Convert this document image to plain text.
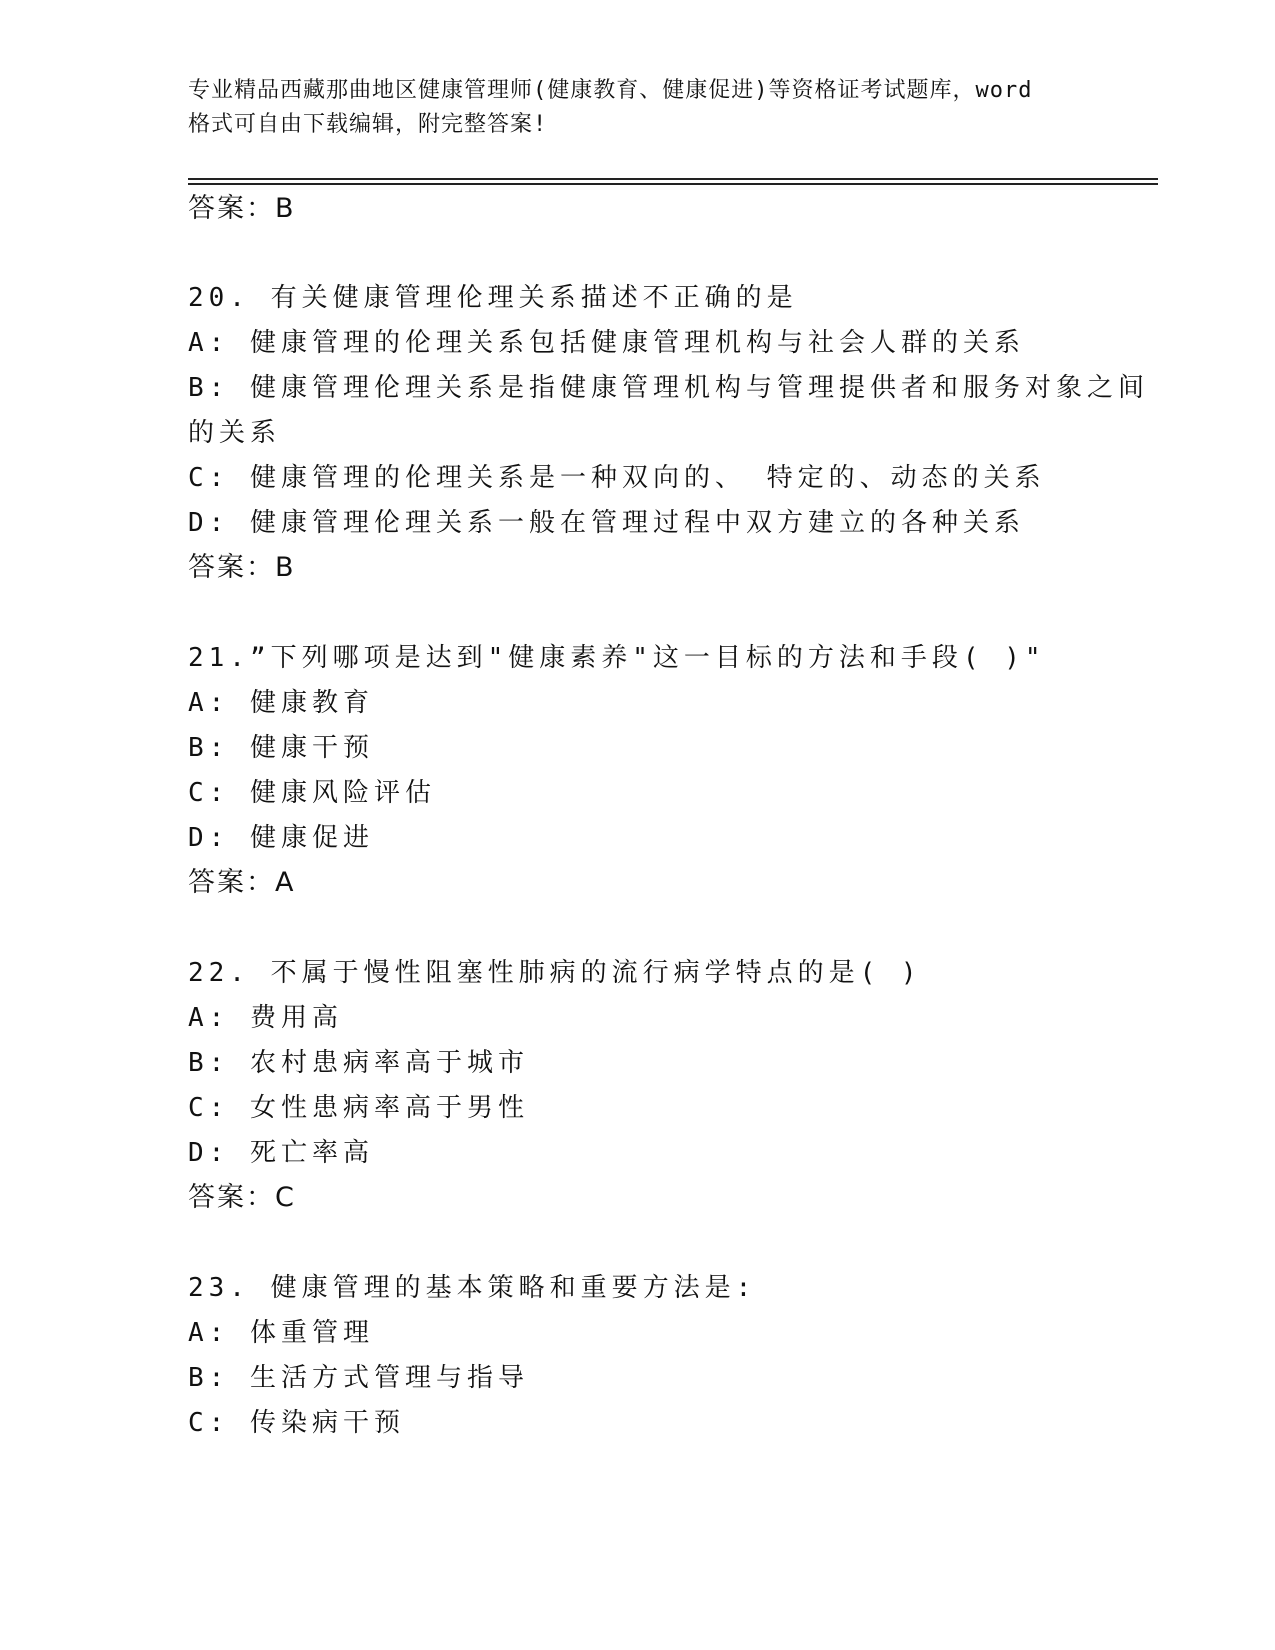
专业精品西藏那曲地区健康管理师(健康教育、健康促进)等资格证考试题库，word
格式可自由下载编辑，附完整答案!
答案：B
20. 有关健康管理伦理关系描述不正确的是
A: 健康管理的伦理关系包括健康管理机构与社会人群的关系
B: 健康管理伦理关系是指健康管理机构与管理提供者和服务对象之间
的关系
C: 健康管理的伦理关系是一种双向的、 特定的、动态的关系
D: 健康管理伦理关系一般在管理过程中双方建立的各种关系
答案：B
21.”下列哪项是达到"健康素养"这一目标的方法和手段( )"
A: 健康教育
B: 健康干预
C: 健康风险评估
D: 健康促进
答案：A
22. 不属于慢性阻塞性肺病的流行病学特点的是( )
A: 费用高
B: 农村患病率高于城市
C: 女性患病率高于男性
D: 死亡率高
答案：C
23. 健康管理的基本策略和重要方法是:
A: 体重管理
B: 生活方式管理与指导
C: 传染病干预
